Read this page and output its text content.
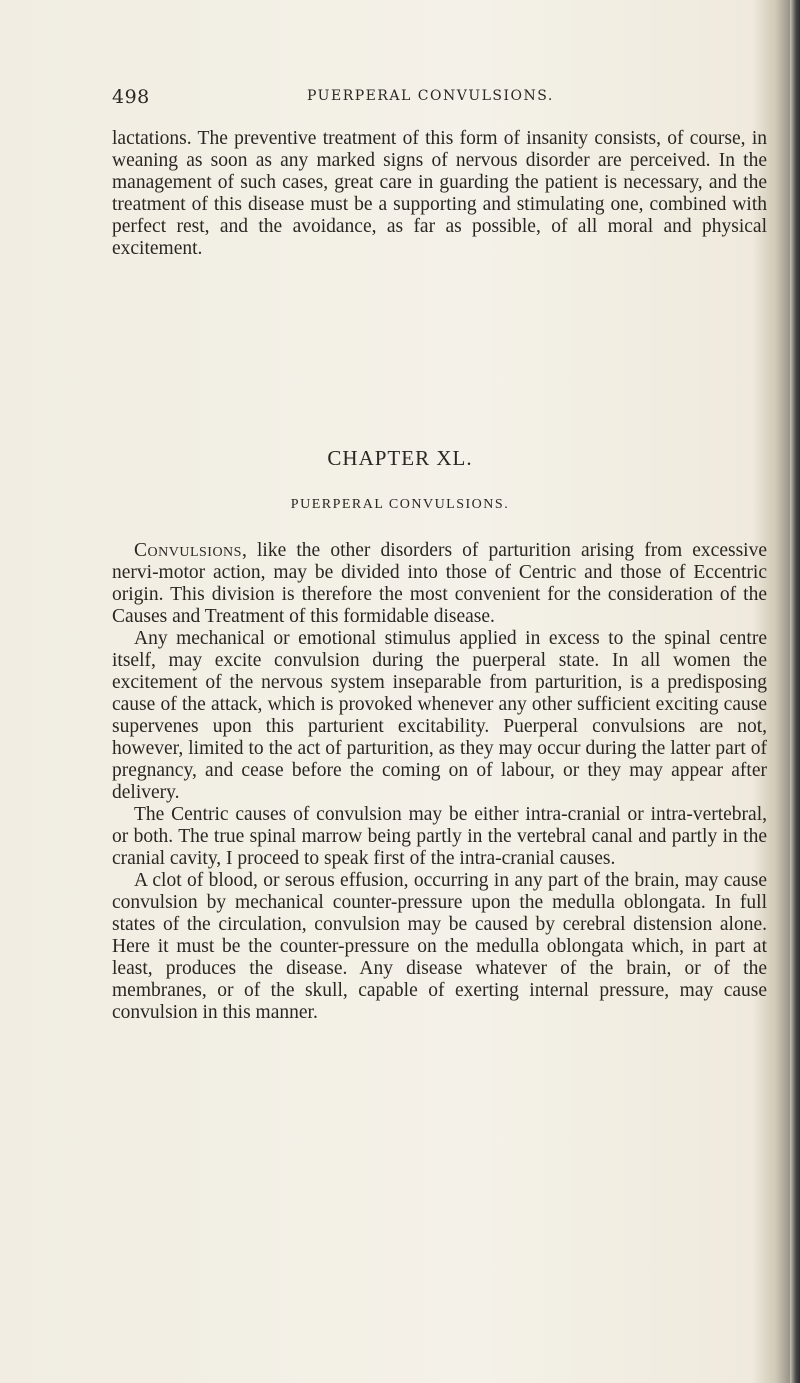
498	PUERPERAL CONVULSIONS.

lactations. The preventive treatment of this form of insanity consists, of course, in weaning as soon as any marked signs of nervous disorder are perceived. In the management of such cases, great care in guarding the patient is necessary, and the treatment of this disease must be a supporting and stimulating one, combined with perfect rest, and the avoidance, as far as possible, of all moral and physical excitement.

CHAPTER XL.
PUERPERAL CONVULSIONS.

Convulsions, like the other disorders of parturition arising from excessive nervi-motor action, may be divided into those of Centric and those of Eccentric origin. This division is therefore the most convenient for the consideration of the Causes and Treatment of this formidable disease.

Any mechanical or emotional stimulus applied in excess to the spinal centre itself, may excite convulsion during the puerperal state. In all women the excitement of the nervous system inseparable from parturition, is a predisposing cause of the attack, which is provoked whenever any other sufficient exciting cause supervenes upon this parturient excitability. Puerperal convulsions are not, however, limited to the act of parturition, as they may occur during the latter part of pregnancy, and cease before the coming on of labour, or they may appear after delivery.

The Centric causes of convulsion may be either intra-cranial or intra-vertebral, or both. The true spinal marrow being partly in the vertebral canal and partly in the cranial cavity, I proceed to speak first of the intra-cranial causes.

A clot of blood, or serous effusion, occurring in any part of the brain, may cause convulsion by mechanical counter-pressure upon the medulla oblongata. In full states of the circulation, convulsion may be caused by cerebral distension alone. Here it must be the counter-pressure on the medulla oblongata which, in part at least, produces the disease. Any disease whatever of the brain, or of the membranes, or of the skull, capable of exerting internal pressure, may cause convulsion in this manner.
